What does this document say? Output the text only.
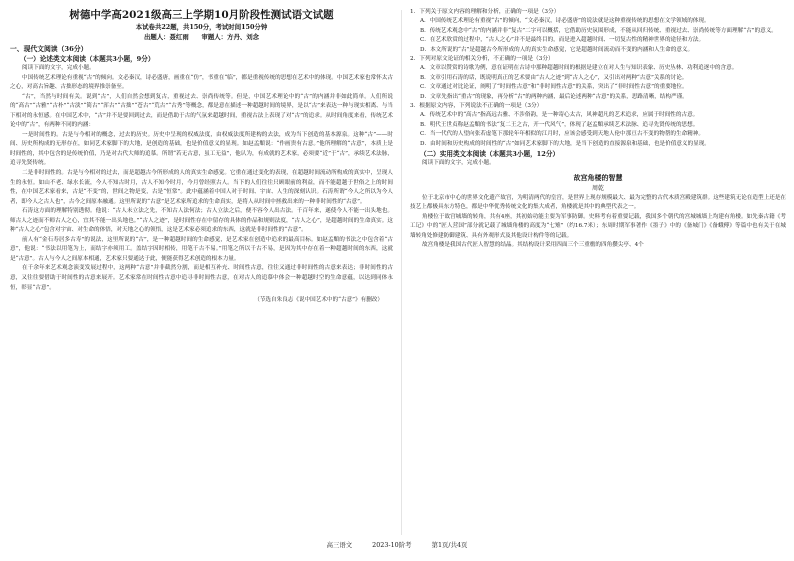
树德中学高2021级高三上学期10月阶段性测试语文试题
本试卷共22题，共150分，考试时间150分钟
出题人：聂红雨　　审题人：方丹、刘念
一、现代文阅读（36分）
（一）论述类文本阅读（本题共3小题，9分）
阅读下面的文字，完成小题。
中国传统艺术理论有重视“古”的倾向。文必秦汉，诗必盛唐，画重在“仿”，书重在“临”，都是重视传统的思想在艺术中的体现。中国艺术家也常怀太古之心，对高古旨趣、古拙形态的境界推崇备至。
“古”，当然与时间有关。说到“古”，人们自然会想到复古，重视过去、崇尚传统等。但是，中国艺术理论中的“古”的内涵并非如此简单。人们所说的“高古”“古雅”“古朴”“古淡”“简古”“浑古”“古拙”“苍古”“荒古”“古秀”等概念，都是意在描述一种超越时间的境界，是以“古”来表达一种与现实相离、与当下相对的永恒感。在中国艺术中，“古”并不是要回到过去，而是借助于古的气氛来超越时间，重视古法上表现了对“古”的追求。从时间角度来看，传统艺术论中的“古”，有两种不同的内涵：
一是时间性的。古是与今相对的概念，过去的历史。历史中呈现的权威法度，由权威法度所建构的去法，成为当下创造的基本源泉。这种“古”——时间、历史所构成的无形存在，如同艺术家脚下的大地，是创造的基础，也是价值意义的显现。如赵孟頫说：“作画贵有古意。”他所理解的“古意”，本质上是时间性的，其中包含的是传统价值，乃是对古代大师的追慕。所谓“若无古意，虽工无益”，他认为，有成就的艺术家，必须要“近”于“古”，承续艺术法脉，追寻先贤传统。
二是非时间性的。古是与今相对的过去，而是超越古今所形成的人的真实生命感觉。它重在通过变化的表现，在超越时间流动所构成的真实中，呈现人生的永恒。如山不老、绿水长流，今人不知古时月，古人不知今时月，今月曾经照古人。当下的人们往往只顾眼前的利益，而不能超越于世俗之上的时间性，在中国艺术家看来，古是“不变”的，世间之物是变，古是“恒常”。此中蕴涵着中国人对于时间、宇宙、人生的深刻认识。石涛所谓“今人之所以为今人者，即今人之古人也”，古今之间原本融通。这里所说的“古意”是艺术家所追求的生命真实，是将人从时间中拯救出来的一种非时间性的“古意”。
石涛这方面的理解特别透彻。他说：“古人未立法之先，不知古人法何法；古人立法之后，便不容今人出古法。千百年来，遂使今人不能一出头地也。师古人之迹而不师古人之心，宜其不能一出头地也。”“古人之迹”，是时间性存在中留存的具体的作品和规则法度，“古人之心”，是超越时间的生命真实。这种“古人之心”包含对宇宙、对生命的体悟，对天地之心的领悟，这是艺术家必须追求的东西，这就是非时间性的“古意”。
前人有“金石寿居多古寿”的说法，这里所说的“古”，是一种超越时间的生命感觉，是艺术家在创造中追求的最高目标。如赵孟頫的书法之中包含着“古意”，他说：“书法以用笔为上，而结字亦须用工。盖结字因时相传，用笔千古不易。”用笔之所以千古不易，是因为其中存在着一种超越时间的东西，这就是“古意”。古人与今人之间原本相通，艺术家只要通达于此，便能获得艺术创造的根本力量。
在千余年来艺术观念演变发展过程中，这两种“古意”并非截然分割，而是相互补充、时间性古意，往往又通过非时间性的古意来表达；非时间性的古意，又往往要借助于时间性的古意来展开。艺术家常在时间性古意中追寻非时间性古意，在对古人的追慕中体会一种超越时空的生命意蕴，以达到同体永恒，彰显“古意”。
（节选自朱良志《说中国艺术中的“古意”》有删改）
1．下列关于原文内容的理解和分析，正确的一项是（3分）
A．中国传统艺术理论有重视“古”的倾向，“文必秦汉，诗必盛唐”的说法就是这种重视传统的思想在文学领域的体现。
B．传统艺术观念中“古”的内涵并非“复古”二字可以概括，它借助历史氛围形成，不能从回归传统、重视过去、崇尚传统等方面理解“古”的意义。
C．在艺术欣赏的过程中，“古人之心”并不是最终目的，而是进入超越时间、一切复古性的精神世界的途径和方法。
D．本文所说的“古”是超越古今所形成的人的真实生命感觉，它是超越时间流动而不变的内涵和人生命的意义。
2．下列对原文论证的相关分析，不正确的一项是（3分）
A．文章以赞赏的诗歌为例，意在证明在古诗中那种超越时间的根据是建立在对人生与知识表象、历史丛林、功利追逐中的含意。
B．文章引用石涛的话，既说明真正的艺术要由“古人之迹”到“古人之心”，又引出对两种“古意”关系的讨论。
C．文章通过对比论证，阐明了“时间性古意”和“非时间性古意”的关系，突出了“非时间性古意”的重要地位。
D．文章先指出“重古”的现象，再分析“古”的两种内涵，最后论述两种“古意”的关系，思路清晰，结构严谨。
3．根据原文内容，下列说法不正确的一项是（3分）
A．传统艺术中的“高古”指高远古雅、不涉俗韵，是一种寄心太古，风神超凡的艺术追求，应属于时间性的古意。
B．明代王世贞称赵孟頫的书法“复二王之古，开一代风气”，体现了赵孟頫承续艺术法脉、追寻先贤传统的思想。
C．当一代代的人望向张若虚笔下那轮年年相似的江月时，应该会感受到天地人伦中那亘古不变的物帮的生命精神。
D．由时间和历史构成的时间性的“古”如同艺术家脚下的大地，是当下创造的直接源泉和基础，也是价值意义的显现。
（二）实用类文本阅读（本题共3小题，12分）
阅读下面的文字，完成小题。
故宫角楼的智慧
周乾
位于北京市中心的世界文化遗产故宫，为明清两代的皇宫，是世界上现存规模最大、最为完整的古代木质宫殿建筑群。这些建筑无论在造型上还是在技艺上都极具东方特色，都是中华优秀传统文化的集大成者，角楼就是其中的典型代表之一。
角楼位于故宫城墙的转角，共有4座，其初始功能主要为军事防御。史料考有着重要记载，我国多个朝代的宫城城墙上均建有角楼。如先秦古籍《考工记》中的“匠人营国”部分就记载了城墙角楼的高度为“七雉”（约16.7米）；东周时期军事著作《墨子》中的《备城门》《备蛾傅》等篇中也有关于在城墙转角处修建防御建筑、具有外观形式及其他设计构件等的记载。
故宫角楼是我国古代匠人智慧的结晶。其结构设计采用四面三个三重檐的四角攒尖亭、4个
高三语文	2023-10阶考	第1页/共4页
